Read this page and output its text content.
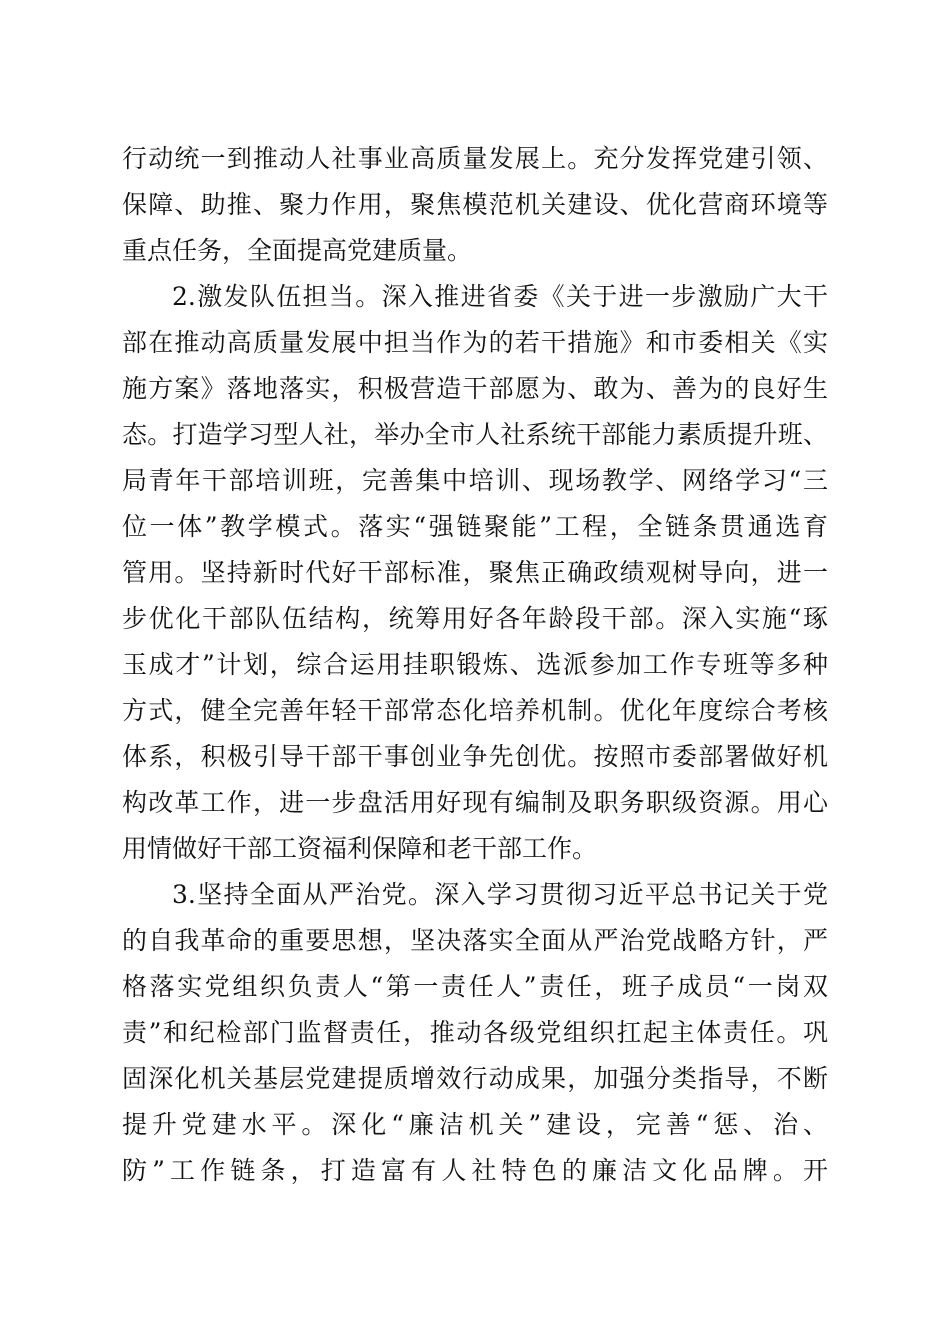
行动统一到推动人社事业高质量发展上。充分发挥党建引领、
保障、助推、聚力作用，聚焦模范机关建设、优化营商环境等
重点任务，全面提高党建质量。
2.激发队伍担当。深入推进省委《关于进一步激励广大干
部在推动高质量发展中担当作为的若干措施》和市委相关《实
施方案》落地落实，积极营造干部愿为、敢为、善为的良好生
态。打造学习型人社，举办全市人社系统干部能力素质提升班、
局青年干部培训班，完善集中培训、现场教学、网络学习“三
位一体”教学模式。落实“强链聚能”工程，全链条贯通选育
管用。坚持新时代好干部标准，聚焦正确政绩观树导向，进一
步优化干部队伍结构，统筹用好各年龄段干部。深入实施“琢
玉成才”计划，综合运用挂职锻炼、选派参加工作专班等多种
方式，健全完善年轻干部常态化培养机制。优化年度综合考核
体系，积极引导干部干事创业争先创优。按照市委部署做好机
构改革工作，进一步盘活用好现有编制及职务职级资源。用心
用情做好干部工资福利保障和老干部工作。
3.坚持全面从严治党。深入学习贯彻习近平总书记关于党
的自我革命的重要思想，坚决落实全面从严治党战略方针，严
格落实党组织负责人“第一责任人”责任，班子成员“一岗双
责”和纪检部门监督责任，推动各级党组织扛起主体责任。巩
固深化机关基层党建提质增效行动成果，加强分类指导，不断
提升党建水平。深化“廉洁机关”建设，完善“惩、治、
防”工作链条，打造富有人社特色的廉洁文化品牌。开
